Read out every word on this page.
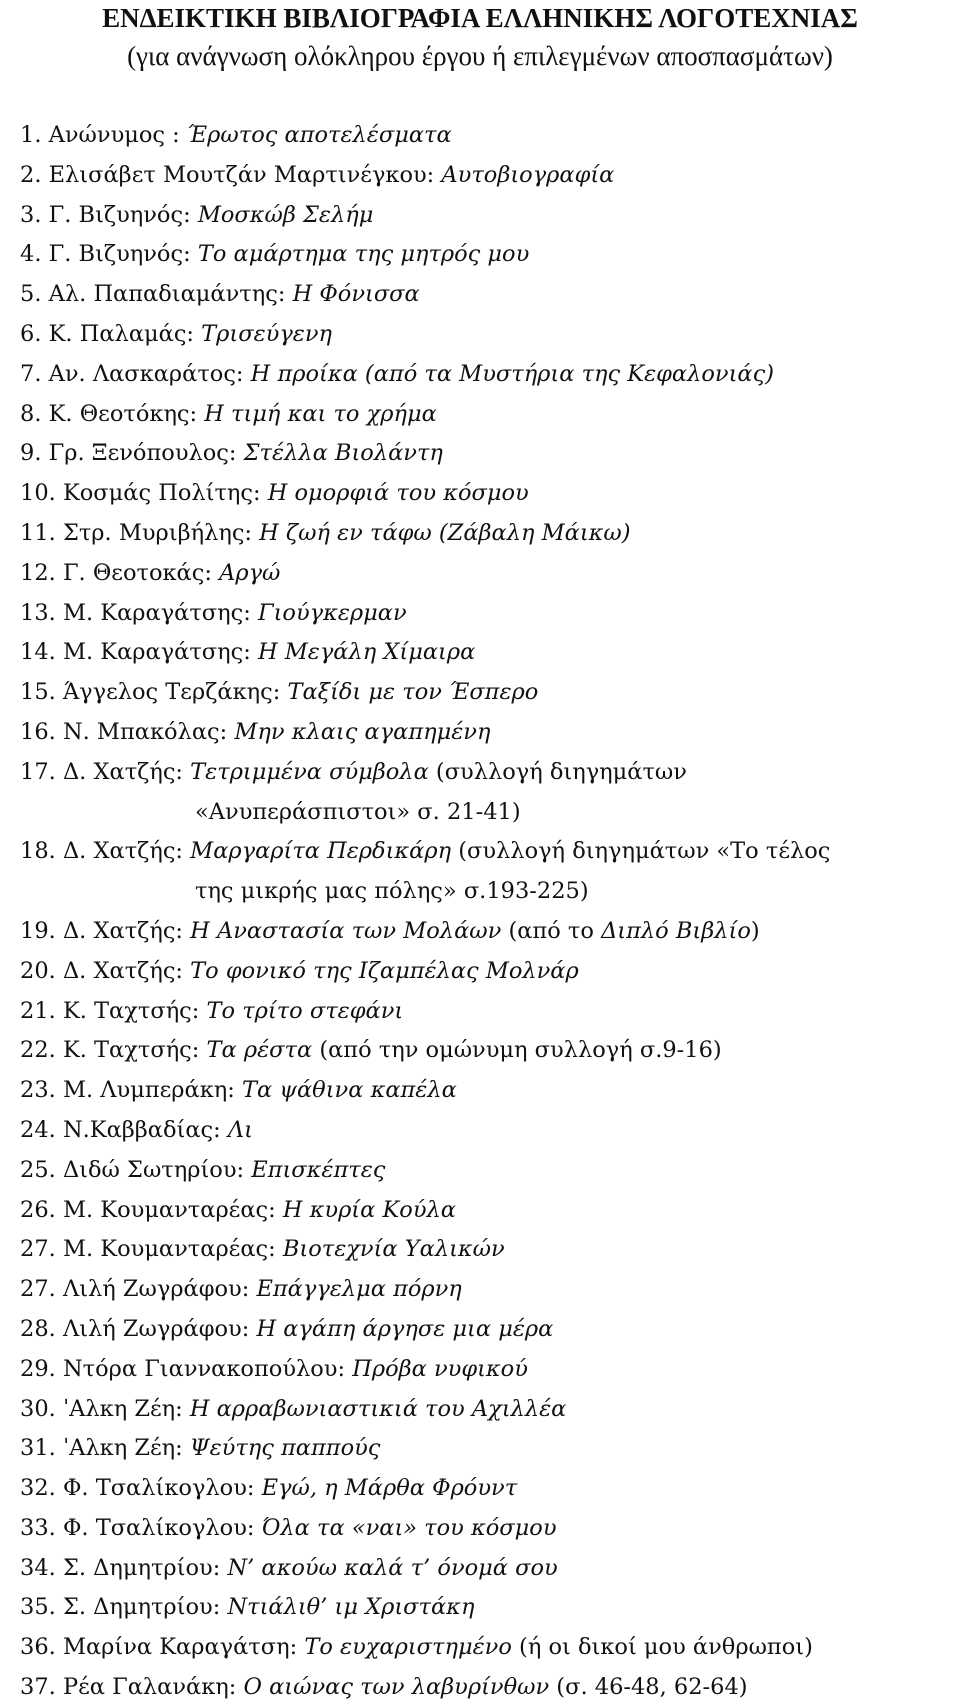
ΕΝΔΕΙΚΤΙΚΗ ΒΙΒΛΙΟΓΡΑΦΙΑ ΕΛΛΗΝΙΚΗΣ ΛΟΓΟΤΕΧΝΙΑΣ
(για ανάγνωση ολόκληρου έργου ή επιλεγμένων αποσπασμάτων)
1. Ανώνυμος : Έρωτος αποτελέσματα
2. Ελισάβετ Μουτζάν Μαρτινέγκου: Αυτοβιογραφία
3. Γ. Βιζυηνός: Μοσκώβ Σελήμ
4. Γ. Βιζυηνός: Το αμάρτημα της μητρός μου
5. Αλ. Παπαδιαμάντης: Η Φόνισσα
6. Κ. Παλαμάς: Τρισεύγενη
7. Αν. Λασκαράτος: Η προίκα (από τα Μυστήρια της Κεφαλονιάς)
8. Κ. Θεοτόκης: Η τιμή και το χρήμα
9. Γρ. Ξενόπουλος: Στέλλα Βιολάντη
10. Κοσμάς Πολίτης: Η ομορφιά του κόσμου
11. Στρ. Μυριβήλης: Η ζωή εν τάφω (Ζάβαλη Μάικω)
12. Γ. Θεοτοκάς: Αργώ
13. Μ. Καραγάτσης: Γιούγκερμαν
14. Μ. Καραγάτσης: Η Μεγάλη Χίμαιρα
15. Άγγελος Τερζάκης: Ταξίδι με τον Έσπερο
16. Ν. Μπακόλας: Μην κλαις αγαπημένη
17. Δ. Χατζής: Τετριμμένα σύμβολα (συλλογή διηγημάτων
«Ανυπεράσπιστοι» σ. 21-41)
18. Δ. Χατζής: Μαργαρίτα Περδικάρη (συλλογή διηγημάτων «Το τέλος
της μικρής μας πόλης» σ.193-225)
19. Δ. Χατζής: Η Αναστασία των Μολάων (από το Διπλό Βιβλίο)
20. Δ. Χατζής: Το φονικό της Ιζαμπέλας Μολνάρ
21. Κ. Ταχτσής: Το τρίτο στεφάνι
22. Κ. Ταχτσής: Τα ρέστα (από την ομώνυμη συλλογή σ.9-16)
23. Μ. Λυμπεράκη: Τα ψάθινα καπέλα
24. Ν.Καββαδίας: Λι
25. Διδώ Σωτηρίου: Επισκέπτες
26. Μ. Κουμανταρέας: Η κυρία Κούλα
27. Μ. Κουμανταρέας: Βιοτεχνία Υαλικών
27. Λιλή Ζωγράφου: Επάγγελμα πόρνη
28. Λιλή Ζωγράφου: Η αγάπη άργησε μια μέρα
29. Ντόρα Γιαννακοπούλου: Πρόβα νυφικού
30. ˈΑλκη Ζέη: Η αρραβωνιαστικιά του Αχιλλέα
31. ˈΑλκη Ζέη: Ψεύτης παππούς
32. Φ. Τσαλίκογλου: Εγώ, η Μάρθα Φρόυντ
33. Φ. Τσαλίκογλου: Όλα τα «ναι» του κόσμου
34. Σ. Δημητρίου: Ν’ ακούω καλά τ’ όνομά σου
35. Σ. Δημητρίου: Ντιάλιθ’ ιμ Χριστάκη
36. Μαρίνα Καραγάτση: Το ευχαριστημένο (ή οι δικοί μου άνθρωποι)
37. Ρέα Γαλανάκη: Ο αιώνας των λαβυρίνθων (σ. 46-48, 62-64)
